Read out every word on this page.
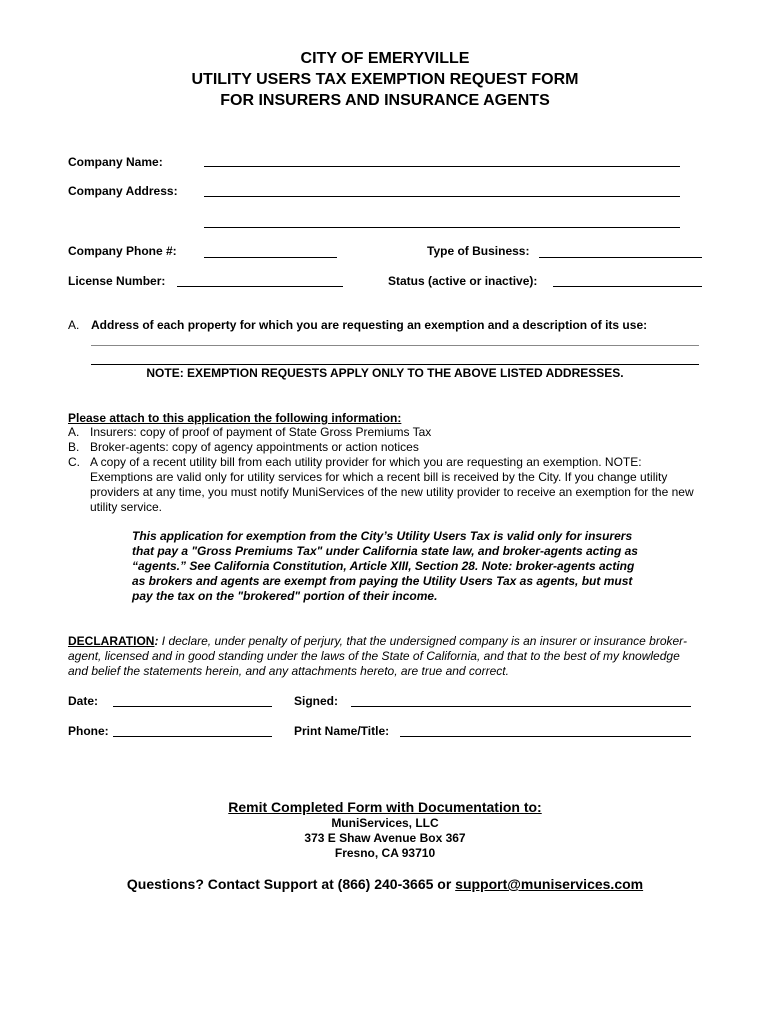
CITY OF EMERYVILLE
UTILITY USERS TAX EXEMPTION REQUEST FORM
FOR INSURERS AND INSURANCE AGENTS
Company Name:
Company Address:
Company Phone #:	Type of Business:
License Number:	Status (active or inactive):
A. Address of each property for which you are requesting an exemption and a description of its use:
NOTE: EXEMPTION REQUESTS APPLY ONLY TO THE ABOVE LISTED ADDRESSES.
Please attach to this application the following information:
A. Insurers: copy of proof of payment of State Gross Premiums Tax
B. Broker-agents: copy of agency appointments or action notices
C. A copy of a recent utility bill from each utility provider for which you are requesting an exemption. NOTE: Exemptions are valid only for utility services for which a recent bill is received by the City. If you change utility providers at any time, you must notify MuniServices of the new utility provider to receive an exemption for the new utility service.
This application for exemption from the City’s Utility Users Tax is valid only for insurers that pay a "Gross Premiums Tax" under California state law, and broker-agents acting as “agents.” See California Constitution, Article XIII, Section 28. Note: broker-agents acting as brokers and agents are exempt from paying the Utility Users Tax as agents, but must pay the tax on the "brokered" portion of their income.
DECLARATION: I declare, under penalty of perjury, that the undersigned company is an insurer or insurance broker-agent, licensed and in good standing under the laws of the State of California, and that to the best of my knowledge and belief the statements herein, and any attachments hereto, are true and correct.
Date:	Signed:
Phone:	Print Name/Title:
Remit Completed Form with Documentation to:
MuniServices, LLC
373 E Shaw Avenue Box 367
Fresno, CA 93710
Questions? Contact Support at (866) 240-3665 or support@muniservices.com
